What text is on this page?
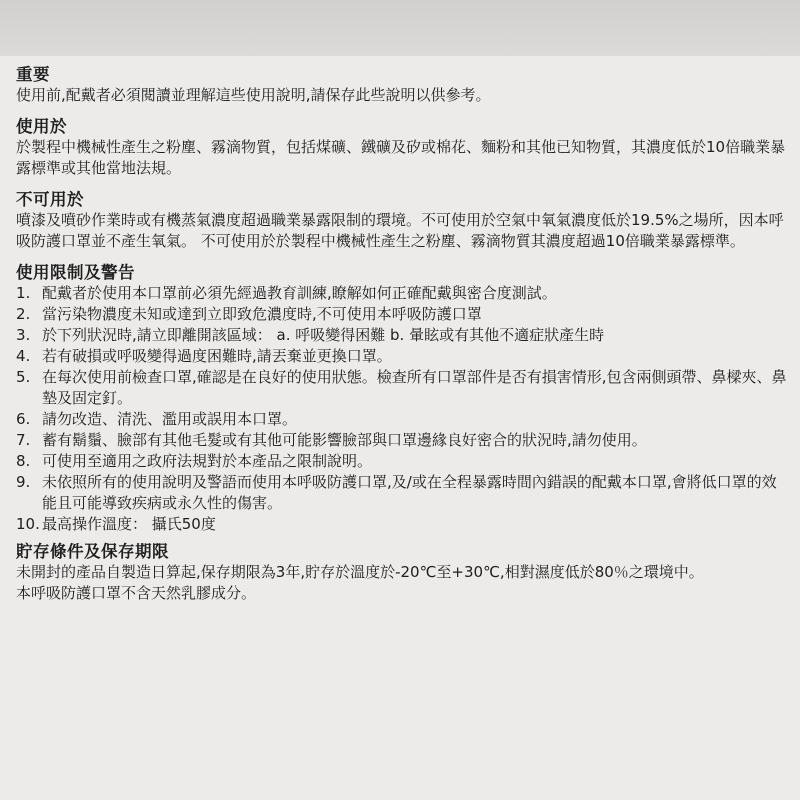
重要

使用前,配戴者必須閱讀並理解這些使用說明,請保存此些說明以供參考。

使用於

於製程中機械性產生之粉塵、霧滴物質，包括煤礦、鐵礦及矽或棉花、麵粉和其他已知物質，其濃度低於10倍職業暴露標準或其他當地法規。

不可用於

噴漆及噴砂作業時或有機蒸氣濃度超過職業暴露限制的環境。不可使用於空氣中氧氣濃度低於19.5%之場所，因本呼吸防護口罩並不產生氧氣。 不可使用於於製程中機械性產生之粉塵、霧滴物質其濃度超過10倍職業暴露標準。

使用限制及警告

1. 配戴者於使用本口罩前必須先經過教育訓練,瞭解如何正確配戴與密合度測試。
2. 當污染物濃度未知或達到立即致危濃度時,不可使用本呼吸防護口罩
3. 於下列狀況時,請立即離開該區域： a. 呼吸變得困難 b. 暈眩或有其他不適症狀產生時
4. 若有破損或呼吸變得過度困難時,請丟棄並更換口罩。
5. 在每次使用前檢查口罩,確認是在良好的使用狀態。檢查所有口罩部件是否有損害情形,包含兩側頭帶、鼻樑夾、鼻墊及固定釘。
6. 請勿改造、清洗、濫用或誤用本口罩。
7. 蓄有鬍鬚、臉部有其他毛髮或有其他可能影響臉部與口罩邊緣良好密合的狀況時,請勿使用。
8. 可使用至適用之政府法規對於本產品之限制說明。
9. 未依照所有的使用說明及警語而使用本呼吸防護口罩,及/或在全程暴露時間內錯誤的配戴本口罩,會將低口罩的效能且可能導致疾病或永久性的傷害。
10. 最高操作溫度： 攝氏50度

貯存條件及保存期限

未開封的產品自製造日算起,保存期限為3年,貯存於溫度於-20℃至+30℃,相對濕度低於80％之環境中。

本呼吸防護口罩不含天然乳膠成分。
